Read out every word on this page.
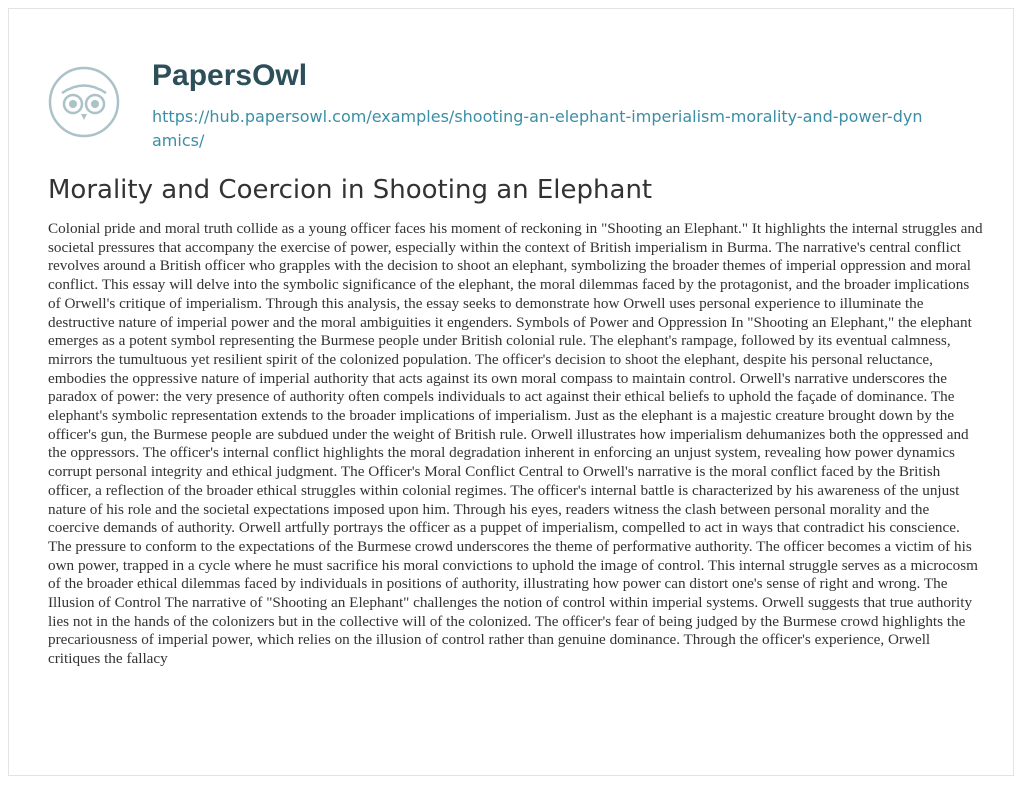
PapersOwl
https://hub.papersowl.com/examples/shooting-an-elephant-imperialism-morality-and-power-dynamics/
Morality and Coercion in Shooting an Elephant

Colonial pride and moral truth collide as a young officer faces his moment of reckoning in "Shooting an Elephant." It highlights the internal struggles and societal pressures that accompany the exercise of power, especially within the context of British imperialism in Burma. The narrative's central conflict revolves around a British officer who grapples with the decision to shoot an elephant, symbolizing the broader themes of imperial oppression and moral conflict. This essay will delve into the symbolic significance of the elephant, the moral dilemmas faced by the protagonist, and the broader implications of Orwell's critique of imperialism. Through this analysis, the essay seeks to demonstrate how Orwell uses personal experience to illuminate the destructive nature of imperial power and the moral ambiguities it engenders. Symbols of Power and Oppression In "Shooting an Elephant," the elephant emerges as a potent symbol representing the Burmese people under British colonial rule. The elephant's rampage, followed by its eventual calmness, mirrors the tumultuous yet resilient spirit of the colonized population. The officer's decision to shoot the elephant, despite his personal reluctance, embodies the oppressive nature of imperial authority that acts against its own moral compass to maintain control. Orwell's narrative underscores the paradox of power: the very presence of authority often compels individuals to act against their ethical beliefs to uphold the façade of dominance. The elephant's symbolic representation extends to the broader implications of imperialism. Just as the elephant is a majestic creature brought down by the officer's gun, the Burmese people are subdued under the weight of British rule. Orwell illustrates how imperialism dehumanizes both the oppressed and the oppressors. The officer's internal conflict highlights the moral degradation inherent in enforcing an unjust system, revealing how power dynamics corrupt personal integrity and ethical judgment. The Officer's Moral Conflict Central to Orwell's narrative is the moral conflict faced by the British officer, a reflection of the broader ethical struggles within colonial regimes. The officer's internal battle is characterized by his awareness of the unjust nature of his role and the societal expectations imposed upon him. Through his eyes, readers witness the clash between personal morality and the coercive demands of authority. Orwell artfully portrays the officer as a puppet of imperialism, compelled to act in ways that contradict his conscience. The pressure to conform to the expectations of the Burmese crowd underscores the theme of performative authority. The officer becomes a victim of his own power, trapped in a cycle where he must sacrifice his moral convictions to uphold the image of control. This internal struggle serves as a microcosm of the broader ethical dilemmas faced by individuals in positions of authority, illustrating how power can distort one's sense of right and wrong. The Illusion of Control The narrative of "Shooting an Elephant" challenges the notion of control within imperial systems. Orwell suggests that true authority lies not in the hands of the colonizers but in the collective will of the colonized. The officer's fear of being judged by the Burmese crowd highlights the precariousness of imperial power, which relies on the illusion of control rather than genuine dominance. Through the officer's experience, Orwell critiques the fallacy
